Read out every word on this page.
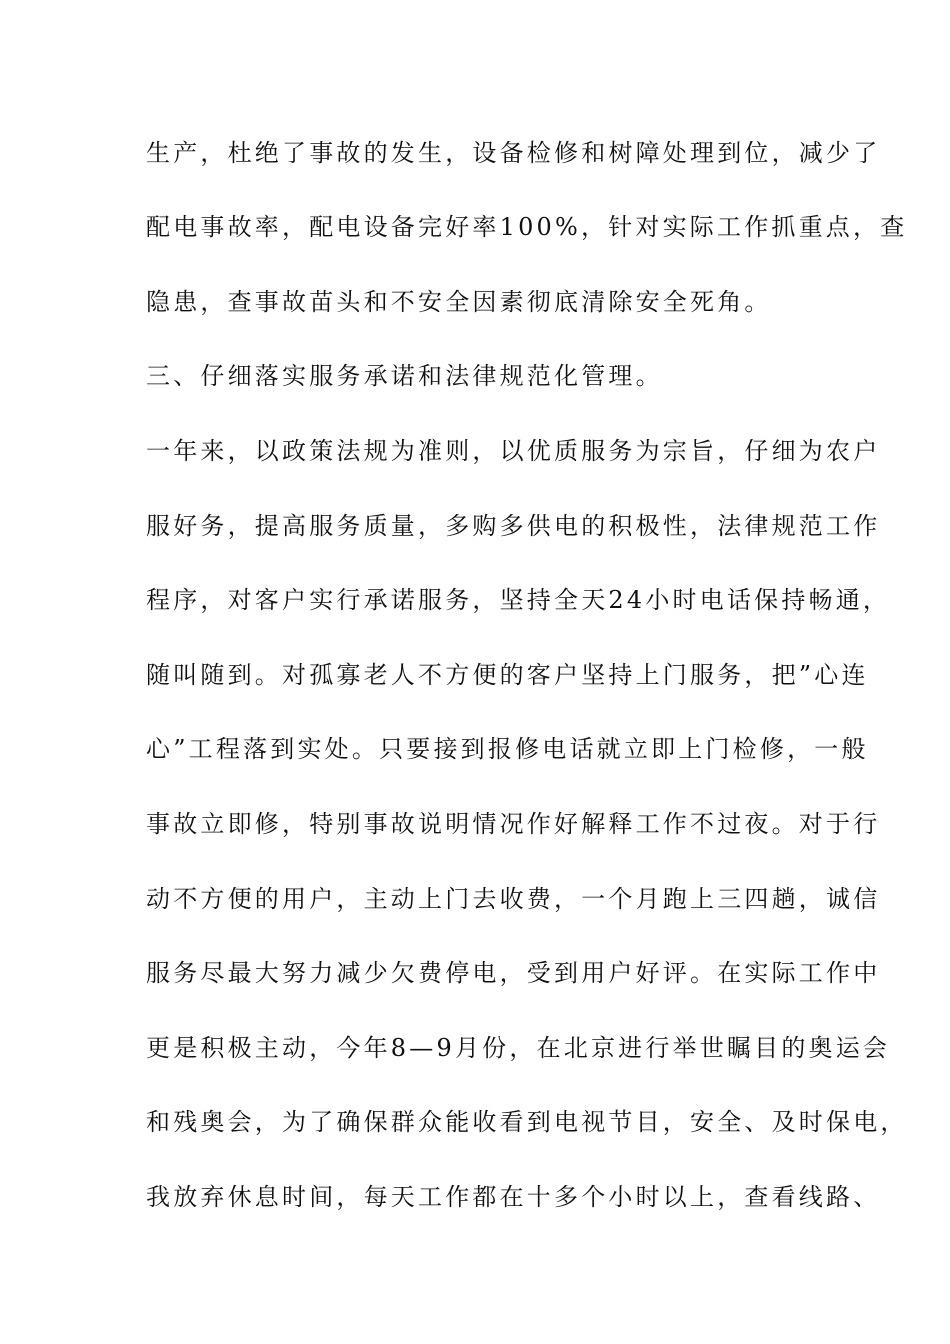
生产，杜绝了事故的发生，设备检修和树障处理到位，减少了
配电事故率，配电设备完好率100%，针对实际工作抓重点，查
隐患，查事故苗头和不安全因素彻底清除安全死角。
三、仔细落实服务承诺和法律规范化管理。
一年来，以政策法规为准则，以优质服务为宗旨，仔细为农户
服好务，提高服务质量，多购多供电的积极性，法律规范工作
程序，对客户实行承诺服务，坚持全天24小时电话保持畅通，
随叫随到。对孤寡老人不方便的客户坚持上门服务，把”心连
心”工程落到实处。只要接到报修电话就立即上门检修，一般
事故立即修，特别事故说明情况作好解释工作不过夜。对于行
动不方便的用户，主动上门去收费，一个月跑上三四趟，诚信
服务尽最大努力减少欠费停电，受到用户好评。在实际工作中
更是积极主动，今年8—9月份，在北京进行举世瞩目的奥运会
和残奥会，为了确保群众能收看到电视节目，安全、及时保电，
我放弃休息时间，每天工作都在十多个小时以上，查看线路、
